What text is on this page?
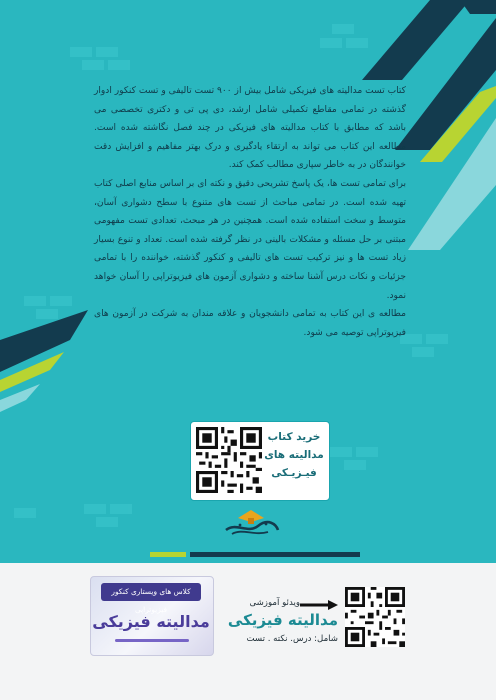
کتاب تست مدالیته های فیزیکی شامل بیش از ۹۰۰ تست تالیفی و تست کنکور ادوار گذشته در تمامی مقاطع تکمیلی شامل ارشد، دی پی تی و دکتری تخصصی می باشد که مطابق با کتاب مدالیته های فیزیکی در چند فصل نگاشته شده است. مطالعه این کتاب می تواند به ارتقاء یادگیری و درک بهتر مفاهیم و افزایش دقت خوانندگان در به خاطر سپاری مطالب کمک کند.

برای تمامی تست ها، یک پاسخ تشریحی دقیق و نکته ای بر اساس منابع اصلی کتاب تهیه شده است. در تمامی مباحث از تست های متنوع با سطح دشواری آسان، متوسط و سخت استفاده شده است. همچنین در هر مبحث، تعدادی تست مفهومی مبتنی بر حل مسئله و مشکلات بالینی در نظر گرفته شده است. تعداد و تنوع بسیار زیاد تست ها و نیز ترکیب تست های تالیفی و کنکور گذشته، خواننده را با تمامی جزئیات و نکات درس آشنا ساخته و دشواری آزمون های فیزیوتراپی را آسان خواهد نمود.

مطالعه ی این کتاب به تمامی دانشجویان و علاقه مندان به شرکت در آزمون های فیزیوتراپی توصیه می شود.

خرید کتاب
مدالیته های
فیـزیـکی
کلاس های ویستاری کنکور فیزیوتراپی
مدالیته فیزیکی
ویدئو آموزشی
مدالیته فیزیکی
شامل: درس. نکته . تست
